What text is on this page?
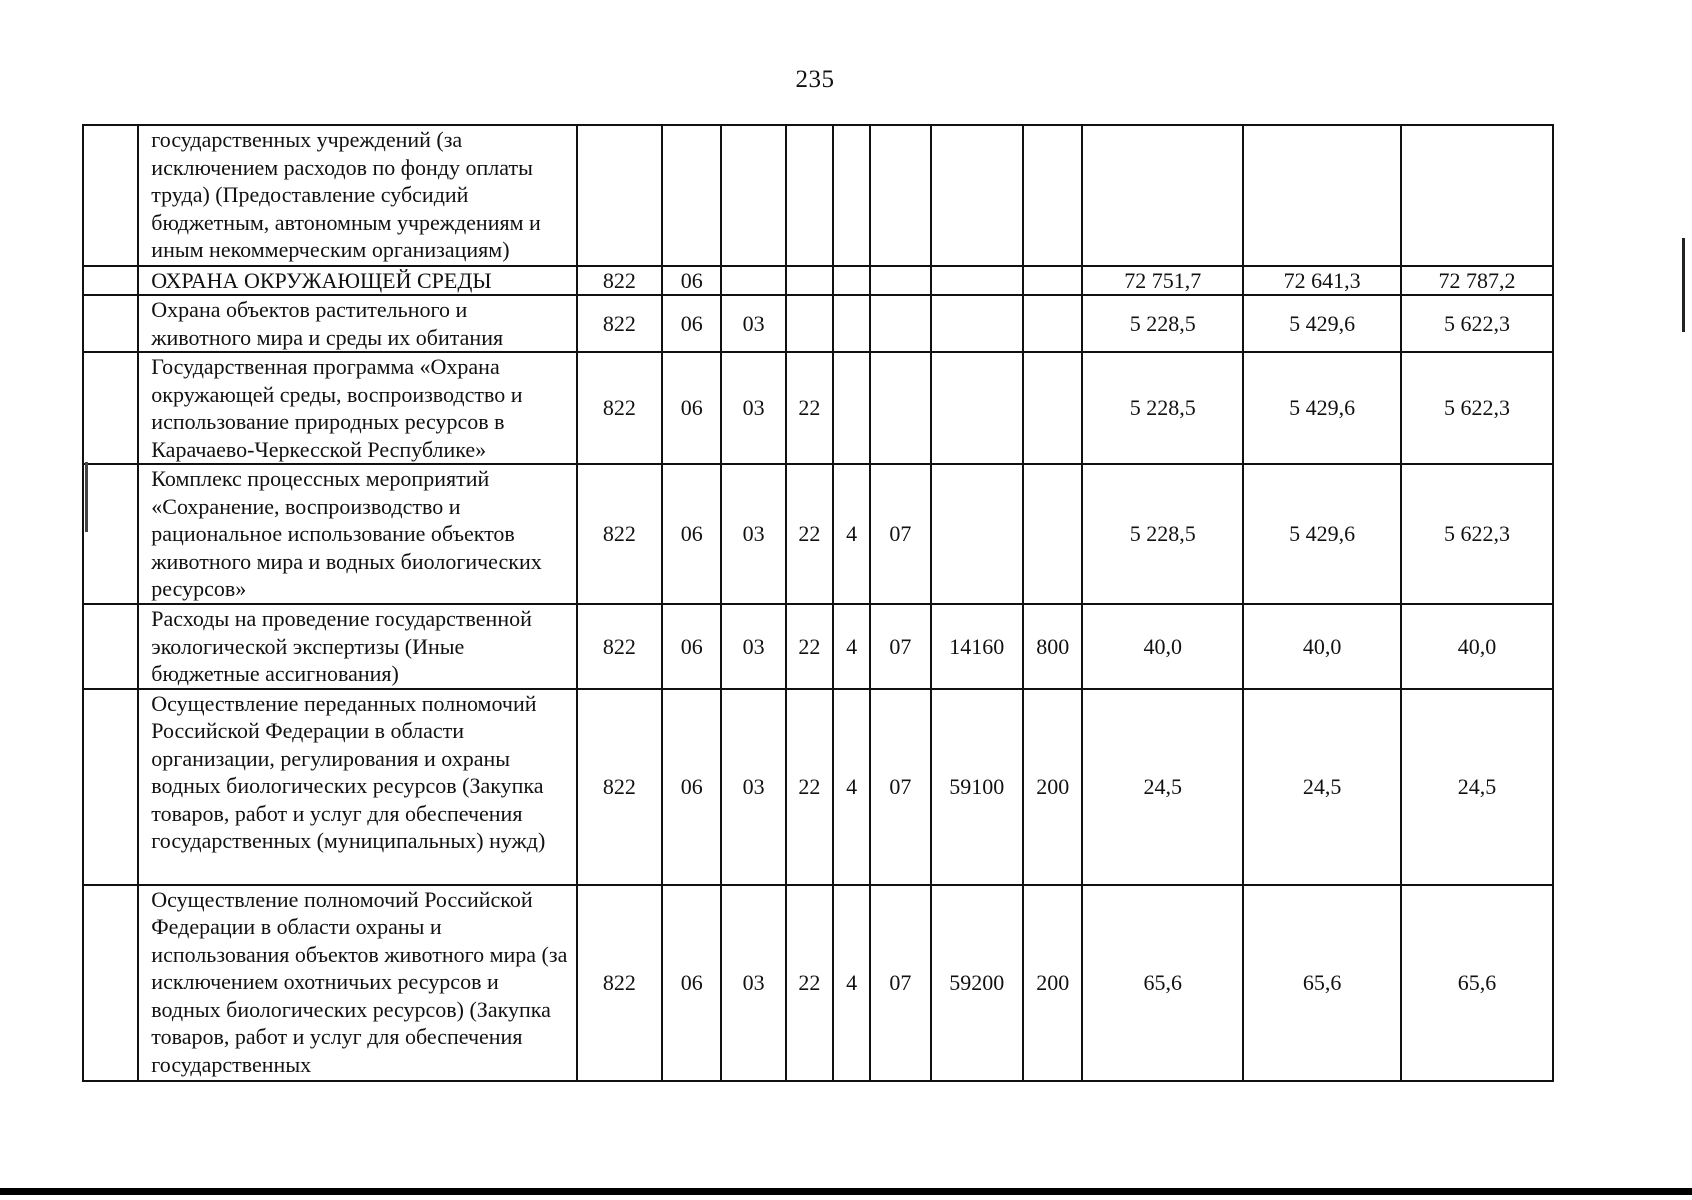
235
	государственных учреждений (за исключением расходов по фонду оплаты труда) (Предоставление субсидий бюджетным, автономным учреждениям и иным некоммерческим организациям)											
	ОХРАНА ОКРУЖАЮЩЕЙ СРЕДЫ	822	06							72 751,7	72 641,3	72 787,2
	Охрана объектов растительного и животного мира и среды их обитания	822	06	03						5 228,5	5 429,6	5 622,3
	Государственная программа «Охрана окружающей среды, воспроизводство и использование природных ресурсов в Карачаево-Черкесской Республике»	822	06	03	22					5 228,5	5 429,6	5 622,3
	Комплекс процессных мероприятий «Сохранение, воспроизводство и рациональное использование объектов животного мира и водных биологических ресурсов»	822	06	03	22	4	07			5 228,5	5 429,6	5 622,3
	Расходы на проведение государственной экологической экспертизы (Иные бюджетные ассигнования)	822	06	03	22	4	07	14160	800	40,0	40,0	40,0
	Осуществление переданных полномочий Российской Федерации в области организации, регулирования и охраны водных биологических ресурсов (Закупка товаров, работ и услуг для обеспечения государственных (муниципальных) нужд)	822	06	03	22	4	07	59100	200	24,5	24,5	24,5
	Осуществление полномочий Российской Федерации в области охраны и использования объектов животного мира (за исключением охотничьих ресурсов и водных биологических ресурсов) (Закупка товаров, работ и услуг для обеспечения государственных	822	06	03	22	4	07	59200	200	65,6	65,6	65,6
